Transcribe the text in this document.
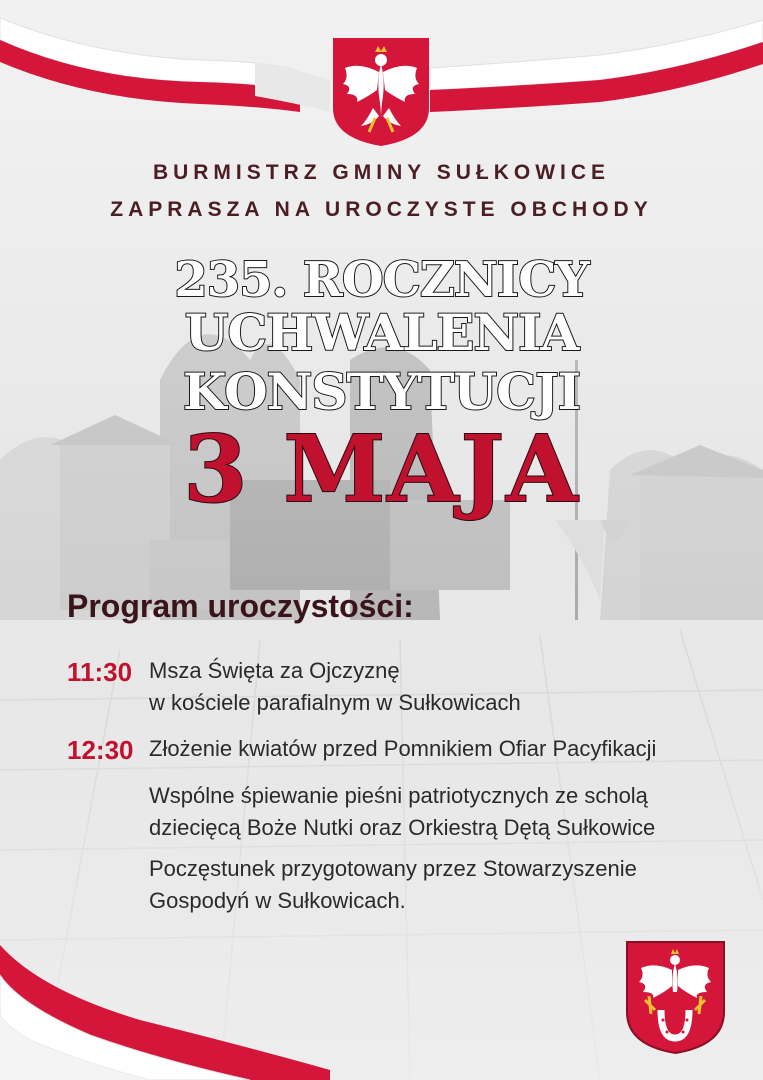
BURMISTRZ GMINY SUŁKOWICE
ZAPRASZA NA UROCZYSTE OBCHODY
235. ROCZNICY
UCHWALENIA KONSTYTUCJI
3 MAJA
Program uroczystości:
11:30 Msza Święta za Ojczyznę
w kościele parafialnym w Sułkowicach
12:30 Złożenie kwiatów przed Pomnikiem Ofiar Pacyfikacji
Wspólne śpiewanie pieśni patriotycznych ze scholą
dziecięcą Boże Nutki oraz Orkiestrą Dętą Sułkowice
Poczęstunek przygotowany przez Stowarzyszenie
Gospodyń w Sułkowicach.
